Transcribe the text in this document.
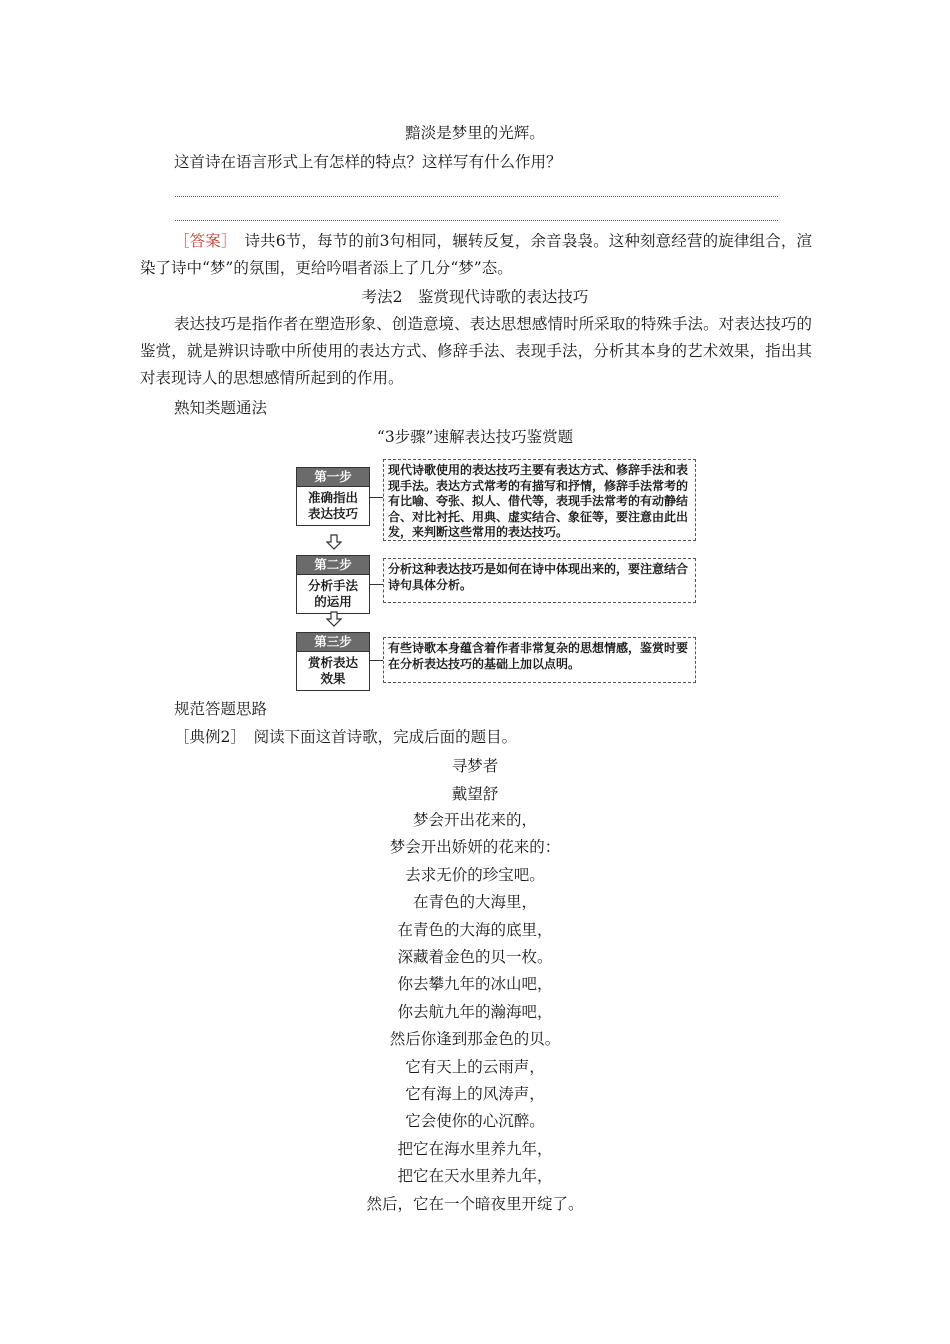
黯淡是梦里的光辉。
这首诗在语言形式上有怎样的特点？这样写有什么作用？
［答案］　诗共6节，每节的前3句相同，辗转反复，余音袅袅。这种刻意经营的旋律组合，渲染了诗中“梦”的氛围，更给吟唱者添上了几分“梦”态。
考法2　鉴赏现代诗歌的表达技巧
表达技巧是指作者在塑造形象、创造意境、表达思想感情时所采取的特殊手法。对表达技巧的鉴赏，就是辨识诗歌中所使用的表达方式、修辞手法、表现手法，分析其本身的艺术效果，指出其对表现诗人的思想感情所起到的作用。
熟知类题通法
“3步骤”速解表达技巧鉴赏题
第一步
准确指出表达技巧
现代诗歌使用的表达技巧主要有表达方式、修辞手法和表现手法。表达方式常考的有描写和抒情，修辞手法常考的有比喻、夸张、拟人、借代等，表现手法常考的有动静结合、对比衬托、用典、虚实结合、象征等，要注意由此出发，来判断这些常用的表达技巧。
第二步
分析手法的运用
分析这种表达技巧是如何在诗中体现出来的，要注意结合诗句具体分析。
第三步
赏析表达效果
有些诗歌本身蕴含着作者非常复杂的思想情感，鉴赏时要在分析表达技巧的基础上加以点明。
规范答题思路
［典例2］　阅读下面这首诗歌，完成后面的题目。
寻梦者
戴望舒
梦会开出花来的，
梦会开出娇妍的花来的：
去求无价的珍宝吧。
在青色的大海里，
在青色的大海的底里，
深藏着金色的贝一枚。
你去攀九年的冰山吧，
你去航九年的瀚海吧，
然后你逢到那金色的贝。
它有天上的云雨声，
它有海上的风涛声，
它会使你的心沉醉。
把它在海水里养九年，
把它在天水里养九年，
然后，它在一个暗夜里开绽了。
